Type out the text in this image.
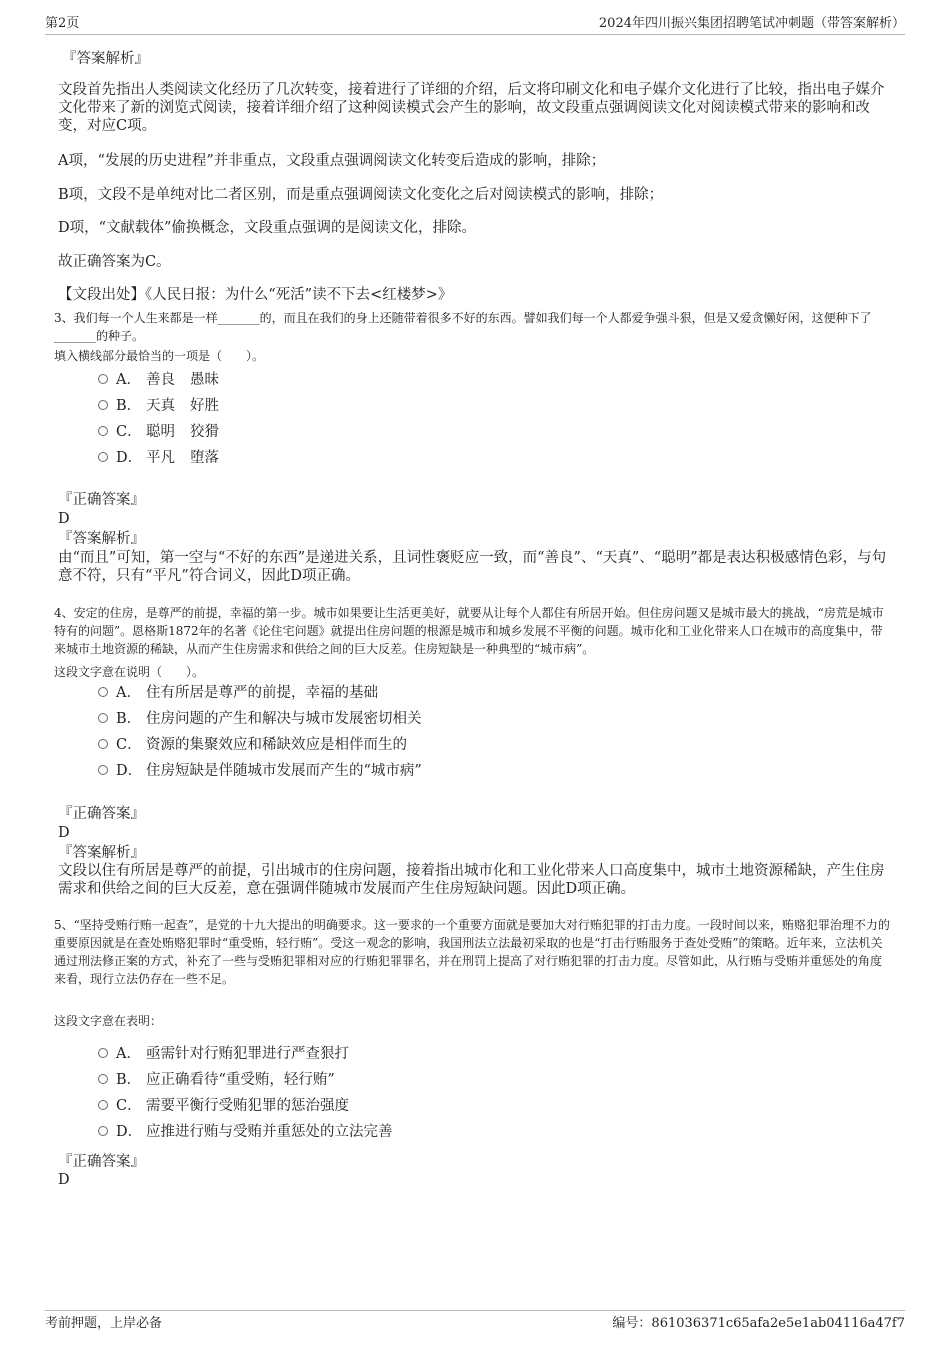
第2页	2024年四川振兴集团招聘笔试冲刺题（带答案解析）
『答案解析』
文段首先指出人类阅读文化经历了几次转变，接着进行了详细的介绍，后文将印刷文化和电子媒介文化进行了比较，指出电子媒介文化带来了新的浏览式阅读，接着详细介绍了这种阅读模式会产生的影响，故文段重点强调阅读文化对阅读模式带来的影响和改变，对应C项。
A项，“发展的历史进程”并非重点，文段重点强调阅读文化转变后造成的影响，排除；
B项，文段不是单纯对比二者区别，而是重点强调阅读文化变化之后对阅读模式的影响，排除；
D项，“文献载体”偷换概念，文段重点强调的是阅读文化，排除。
故正确答案为C。
【文段出处】《人民日报：为什么“死活”读不下去<红楼梦>》
3、我们每一个人生来都是一样_______的，而且在我们的身上还随带着很多不好的东西。譬如我们每一个人都爱争强斗狠，但是又爱贪懒好闲，这便种下了_______的种子。
填入横线部分最恰当的一项是（　　）。
A． 善良 愚昧
B． 天真 好胜
C． 聪明 狡猾
D． 平凡 堕落
『正确答案』
D
『答案解析』
由“而且”可知，第一空与“不好的东西”是递进关系，且词性褒贬应一致，而“善良”、“天真”、“聪明”都是表达积极感情色彩，与句意不符，只有“平凡”符合词义，因此D项正确。
4、安定的住房，是尊严的前提，幸福的第一步。城市如果要让生活更美好，就要从让每个人都住有所居开始。但住房问题又是城市最大的挑战，“房荒是城市特有的问题”。恩格斯1872年的名著《论住宅问题》就提出住房问题的根源是城市和城乡发展不平衡的问题。城市化和工业化带来人口在城市的高度集中，带来城市土地资源的稀缺，从而产生住房需求和供给之间的巨大反差。住房短缺是一种典型的“城市病”。
这段文字意在说明（　　）。
A． 住有所居是尊严的前提，幸福的基础
B． 住房问题的产生和解决与城市发展密切相关
C． 资源的集聚效应和稀缺效应是相伴而生的
D． 住房短缺是伴随城市发展而产生的“城市病”
『正确答案』
D
『答案解析』
文段以住有所居是尊严的前提，引出城市的住房问题，接着指出城市化和工业化带来人口高度集中，城市土地资源稀缺，产生住房需求和供给之间的巨大反差，意在强调伴随城市发展而产生住房短缺问题。因此D项正确。
5、“坚持受贿行贿一起查”，是党的十九大提出的明确要求。这一要求的一个重要方面就是要加大对行贿犯罪的打击力度。一段时间以来，贿赂犯罪治理不力的重要原因就是在查处贿赂犯罪时“重受贿，轻行贿”。受这一观念的影响，我国刑法立法最初采取的也是“打击行贿服务于查处受贿”的策略。近年来，立法机关通过刑法修正案的方式，补充了一些与受贿犯罪相对应的行贿犯罪罪名，并在刑罚上提高了对行贿犯罪的打击力度。尽管如此，从行贿与受贿并重惩处的角度来看，现行立法仍存在一些不足。
这段文字意在表明：
A． 亟需针对行贿犯罪进行严查狠打
B． 应正确看待“重受贿，轻行贿”
C． 需要平衡行受贿犯罪的惩治强度
D． 应推进行贿与受贿并重惩处的立法完善
『正确答案』
D
考前押题，上岸必备	编号：861036371c65afa2e5e1ab04116a47f7
